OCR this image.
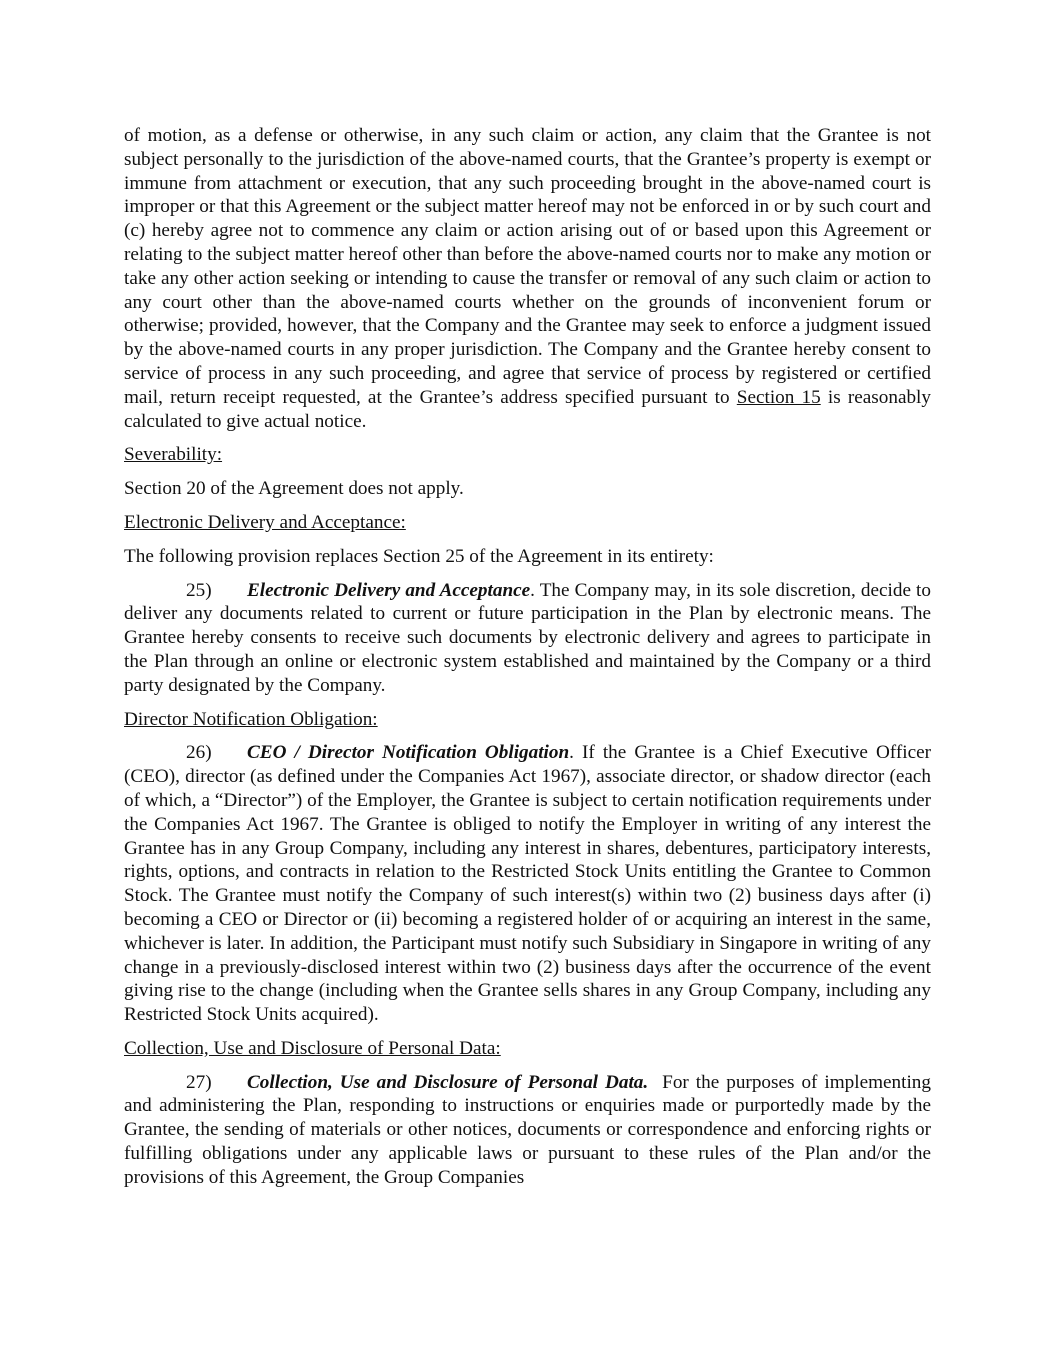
of motion, as a defense or otherwise, in any such claim or action, any claim that the Grantee is not subject personally to the jurisdiction of the above-named courts, that the Grantee’s property is exempt or immune from attachment or execution, that any such proceeding brought in the above-named court is improper or that this Agreement or the subject matter hereof may not be enforced in or by such court and (c) hereby agree not to commence any claim or action arising out of or based upon this Agreement or relating to the subject matter hereof other than before the above-named courts nor to make any motion or take any other action seeking or intending to cause the transfer or removal of any such claim or action to any court other than the above-named courts whether on the grounds of inconvenient forum or otherwise; provided, however, that the Company and the Grantee may seek to enforce a judgment issued by the above-named courts in any proper jurisdiction. The Company and the Grantee hereby consent to service of process in any such proceeding, and agree that service of process by registered or certified mail, return receipt requested, at the Grantee’s address specified pursuant to Section 15 is reasonably calculated to give actual notice.

Severability:

Section 20 of the Agreement does not apply.

Electronic Delivery and Acceptance:

The following provision replaces Section 25 of the Agreement in its entirety:

25) Electronic Delivery and Acceptance. The Company may, in its sole discretion, decide to deliver any documents related to current or future participation in the Plan by electronic means. The Grantee hereby consents to receive such documents by electronic delivery and agrees to participate in the Plan through an online or electronic system established and maintained by the Company or a third party designated by the Company.

Director Notification Obligation:

26) CEO / Director Notification Obligation. If the Grantee is a Chief Executive Officer (CEO), director (as defined under the Companies Act 1967), associate director, or shadow director (each of which, a “Director”) of the Employer, the Grantee is subject to certain notification requirements under the Companies Act 1967. The Grantee is obliged to notify the Employer in writing of any interest the Grantee has in any Group Company, including any interest in shares, debentures, participatory interests, rights, options, and contracts in relation to the Restricted Stock Units entitling the Grantee to Common Stock. The Grantee must notify the Company of such interest(s) within two (2) business days after (i) becoming a CEO or Director or (ii) becoming a registered holder of or acquiring an interest in the same, whichever is later. In addition, the Participant must notify such Subsidiary in Singapore in writing of any change in a previously-disclosed interest within two (2) business days after the occurrence of the event giving rise to the change (including when the Grantee sells shares in any Group Company, including any Restricted Stock Units acquired).

Collection, Use and Disclosure of Personal Data:

27) Collection, Use and Disclosure of Personal Data.  For the purposes of implementing and administering the Plan, responding to instructions or enquiries made or purportedly made by the Grantee, the sending of materials or other notices, documents or correspondence and enforcing rights or fulfilling obligations under any applicable laws or pursuant to these rules of the Plan and/or the provisions of this Agreement, the Group Companies
